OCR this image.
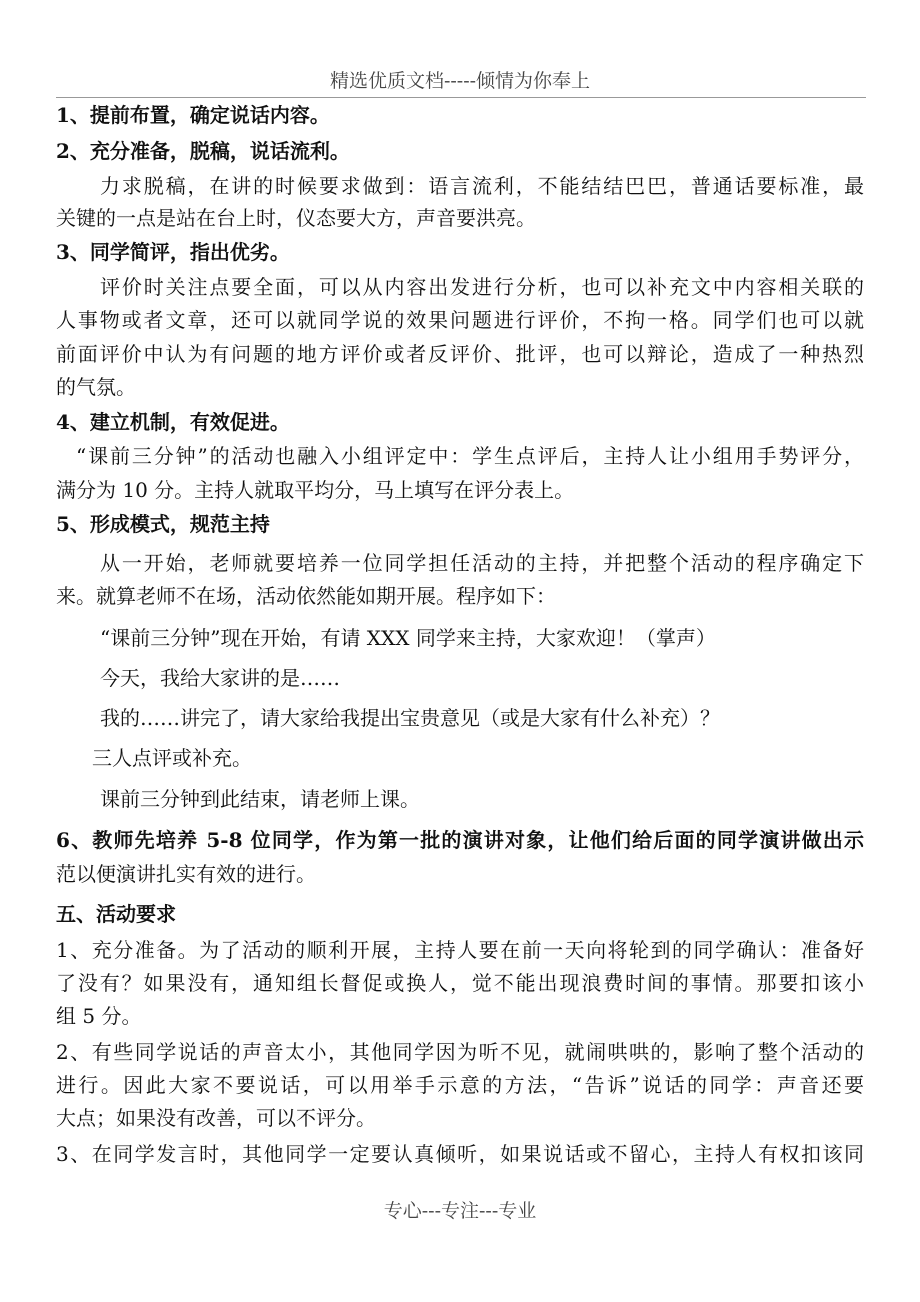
精选优质文档-----倾情为你奉上
1、提前布置，确定说话内容。
2、充分准备，脱稿，说话流利。
力求脱稿，在讲的时候要求做到：语言流利，不能结结巴巴，普通话要标准，最
关键的一点是站在台上时，仪态要大方，声音要洪亮。
3、同学简评，指出优劣。
评价时关注点要全面，可以从内容出发进行分析，也可以补充文中内容相关联的
人事物或者文章，还可以就同学说的效果问题进行评价，不拘一格。同学们也可以就
前面评价中认为有问题的地方评价或者反评价、批评，也可以辩论，造成了一种热烈
的气氛。
4、建立机制，有效促进。
“课前三分钟”的活动也融入小组评定中：学生点评后，主持人让小组用手势评分，
满分为 10 分。主持人就取平均分，马上填写在评分表上。
5、形成模式，规范主持
从一开始，老师就要培养一位同学担任活动的主持，并把整个活动的程序确定下
来。就算老师不在场，活动依然能如期开展。程序如下：
“课前三分钟”现在开始，有请 XXX 同学来主持，大家欢迎！（掌声）
今天，我给大家讲的是……
我的……讲完了，请大家给我提出宝贵意见（或是大家有什么补充）？
三人点评或补充。
课前三分钟到此结束，请老师上课。
6、教师先培养 5-8 位同学，作为第一批的演讲对象，让他们给后面的同学演讲做出示
范以便演讲扎实有效的进行。
五、活动要求
1、充分准备。为了活动的顺利开展，主持人要在前一天向将轮到的同学确认：准备好
了没有？如果没有，通知组长督促或换人，觉不能出现浪费时间的事情。那要扣该小
组 5 分。
2、有些同学说话的声音太小，其他同学因为听不见，就闹哄哄的，影响了整个活动的
进行。因此大家不要说话，可以用举手示意的方法，“告诉”说话的同学：声音还要
大点；如果没有改善，可以不评分。
3、在同学发言时，其他同学一定要认真倾听，如果说话或不留心，主持人有权扣该同
专心---专注---专业
